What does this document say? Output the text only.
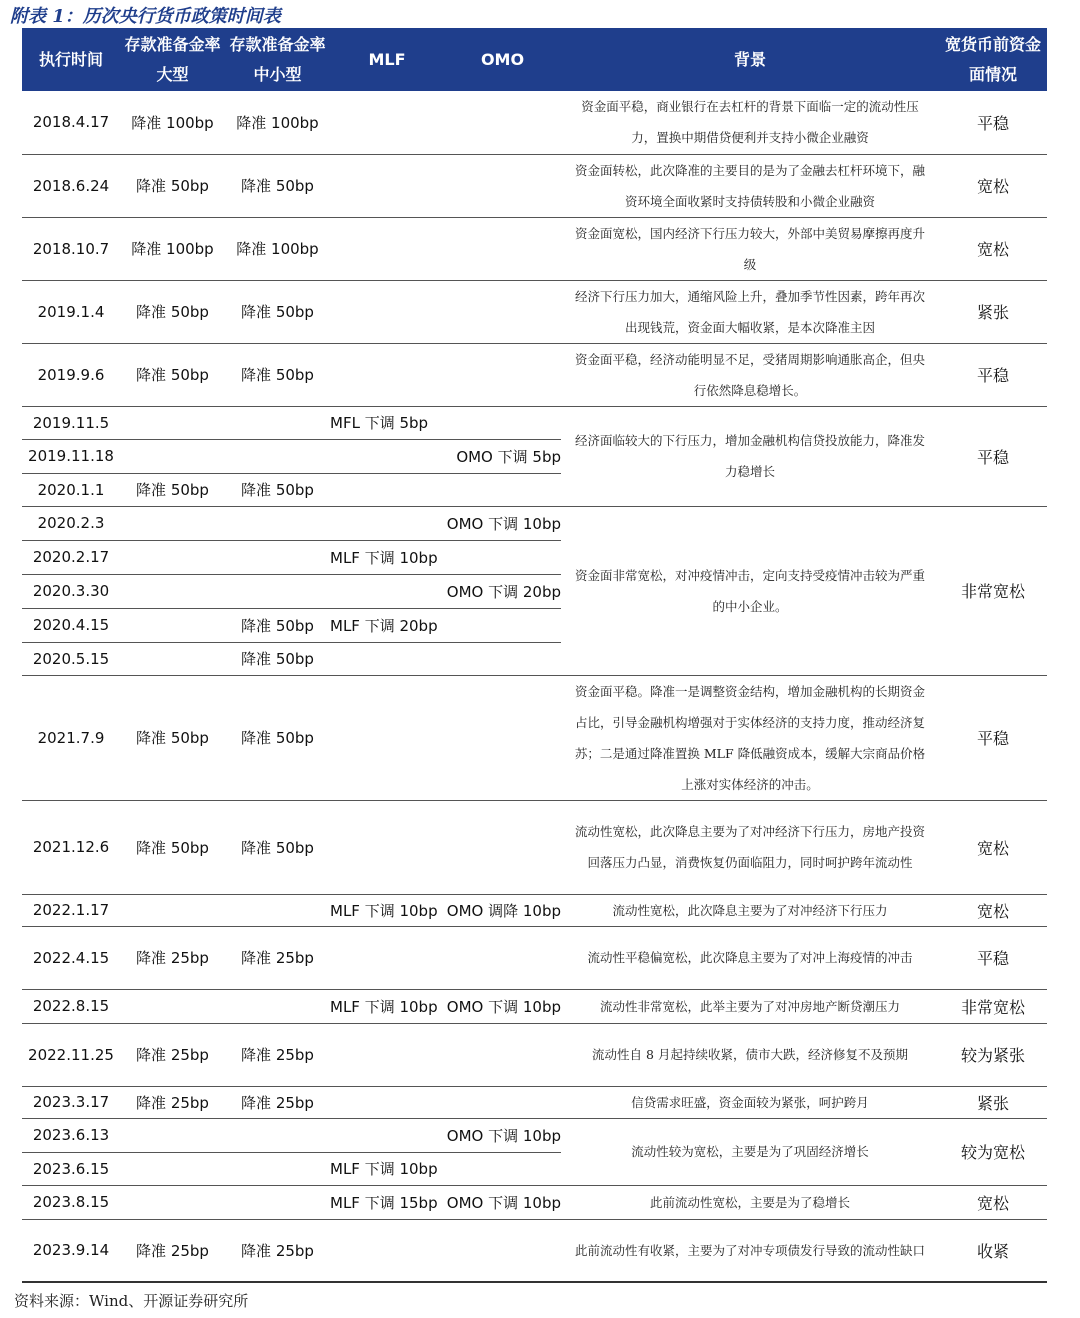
附表 1：历次央行货币政策时间表
执行时间	存款准备金率大型	存款准备金率中小型	MLF	OMO	背景	宽货币前资金面情况
2018.4.17	降准 100bp	降准 100bp			资金面平稳，商业银行在去杠杆的背景下面临一定的流动性压力，置换中期借贷便利并支持小微企业融资	平稳
2018.6.24	降准 50bp	降准 50bp			资金面转松，此次降准的主要目的是为了金融去杠杆环境下，融资环境全面收紧时支持债转股和小微企业融资	宽松
2018.10.7	降准 100bp	降准 100bp			资金面宽松，国内经济下行压力较大，外部中美贸易摩擦再度升级	宽松
2019.1.4	降准 50bp	降准 50bp			经济下行压力加大，通缩风险上升，叠加季节性因素，跨年再次出现钱荒，资金面大幅收紧，是本次降准主因	紧张
2019.9.6	降准 50bp	降准 50bp			资金面平稳，经济动能明显不足，受猪周期影响通胀高企，但央行依然降息稳增长。	平稳
2019.11.5			MFL 下调 5bp		经济面临较大的下行压力，增加金融机构信贷投放能力，降准发力稳增长	平稳
2019.11.18				OMO 下调 5bp		
2020.1.1	降准 50bp	降准 50bp				
2020.2.3				OMO 下调 10bp	资金面非常宽松，对冲疫情冲击，定向支持受疫情冲击较为严重的中小企业。	非常宽松
2020.2.17			MLF 下调 10bp			
2020.3.30				OMO 下调 20bp		
2020.4.15		降准 50bp	MLF 下调 20bp			
2020.5.15		降准 50bp				
2021.7.9	降准 50bp	降准 50bp			资金面平稳。降准一是调整资金结构，增加金融机构的长期资金占比，引导金融机构增强对于实体经济的支持力度，推动经济复苏；二是通过降准置换 MLF 降低融资成本，缓解大宗商品价格上涨对实体经济的冲击。	平稳
2021.12.6	降准 50bp	降准 50bp			流动性宽松，此次降息主要为了对冲经济下行压力，房地产投资回落压力凸显，消费恢复仍面临阻力，同时呵护跨年流动性	宽松
2022.1.17			MLF 下调 10bp	OMO 调降 10bp	流动性宽松，此次降息主要为了对冲经济下行压力	宽松
2022.4.15	降准 25bp	降准 25bp			流动性平稳偏宽松，此次降息主要为了对冲上海疫情的冲击	平稳
2022.8.15			MLF 下调 10bp	OMO 下调 10bp	流动性非常宽松，此举主要为了对冲房地产断贷潮压力	非常宽松
2022.11.25	降准 25bp	降准 25bp			流动性自 8 月起持续收紧，债市大跌，经济修复不及预期	较为紧张
2023.3.17	降准 25bp	降准 25bp			信贷需求旺盛，资金面较为紧张，呵护跨月	紧张
2023.6.13				OMO 下调 10bp	流动性较为宽松，主要是为了巩固经济增长	较为宽松
2023.6.15			MLF 下调 10bp			
2023.8.15			MLF 下调 15bp	OMO 下调 10bp	此前流动性宽松，主要是为了稳增长	宽松
2023.9.14	降准 25bp	降准 25bp			此前流动性有收紧，主要为了对冲专项债发行导致的流动性缺口	收紧
资料来源：Wind、开源证券研究所
